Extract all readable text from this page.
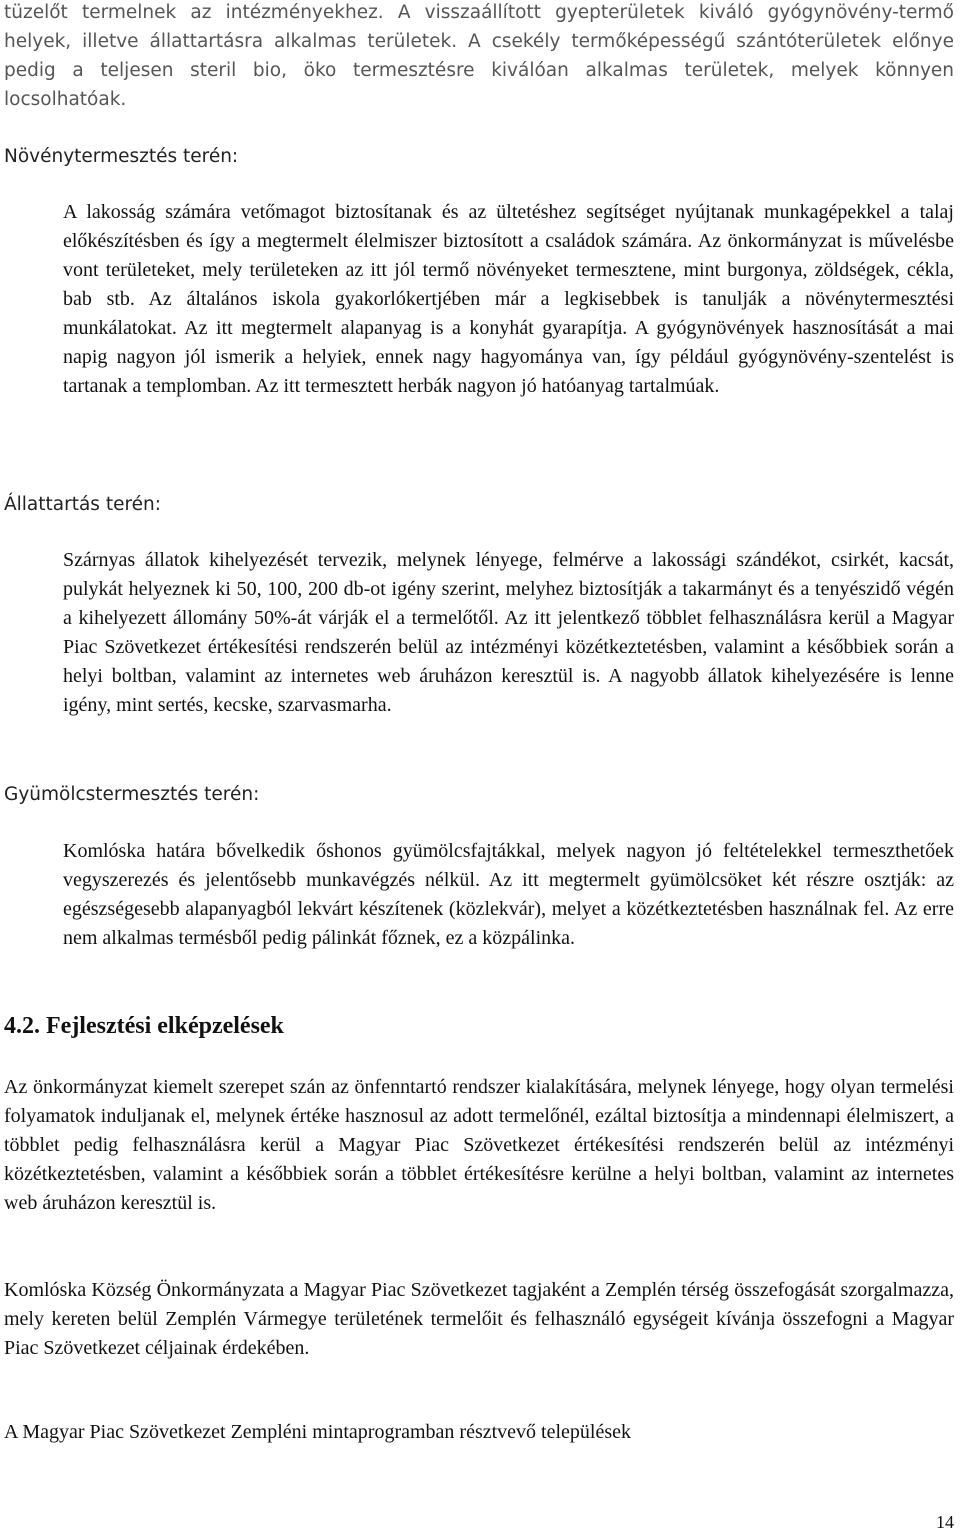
tüzelőt termelnek az intézményekhez. A visszaállított gyepterületek kiváló gyógynövény-termő helyek, illetve állattartásra alkalmas területek. A csekély termőképességű szántóterületek előnye pedig a teljesen steril bio, öko termesztésre kiválóan alkalmas területek, melyek könnyen locsolhatóak.

Növénytermesztés terén:

A lakosság számára vetőmagot biztosítanak és az ültetéshez segítséget nyújtanak munkagépekkel a talaj előkészítésben és így a megtermelt élelmiszer biztosított a családok számára. Az önkormányzat is művelésbe vont területeket, mely területeken az itt jól termő növényeket termesztene, mint burgonya, zöldségek, cékla, bab stb. Az általános iskola gyakorlókertjében már a legkisebbek is tanulják a növénytermesztési munkálatokat. Az itt megtermelt alapanyag is a konyhát gyarapítja. A gyógynövények hasznosítását a mai napig nagyon jól ismerik a helyiek, ennek nagy hagyománya van, így például gyógynövény-szentelést is tartanak a templomban. Az itt termesztett herbák nagyon jó hatóanyag tartalmúak.

Állattartás terén:

Szárnyas állatok kihelyezését tervezik, melynek lényege, felmérve a lakossági szándékot, csirkét, kacsát, pulykát helyeznek ki 50, 100, 200 db-ot igény szerint, melyhez biztosítják a takarmányt és a tenyészidő végén a kihelyezett állomány 50%-át várják el a termelőtől. Az itt jelentkező többlet felhasználásra kerül a Magyar Piac Szövetkezet értékesítési rendszerén belül az intézményi közétkeztetésben, valamint a későbbiek során a helyi boltban, valamint az internetes web áruházon keresztül is. A nagyobb állatok kihelyezésére is lenne igény, mint sertés, kecske, szarvasmarha.

Gyümölcstermesztés terén:

Komlóska határa bővelkedik őshonos gyümölcsfajtákkal, melyek nagyon jó feltételekkel termeszthetőek vegyszerezés és jelentősebb munkavégzés nélkül. Az itt megtermelt gyümölcsöket két részre osztják: az egészségesebb alapanyagból lekvárt készítenek (közlekvár), melyet a közétkeztetésben használnak fel. Az erre nem alkalmas termésből pedig pálinkát főznek, ez a közpálinka.

4.2. Fejlesztési elképzelések

Az önkormányzat kiemelt szerepet szán az önfenntartó rendszer kialakítására, melynek lényege, hogy olyan termelési folyamatok induljanak el, melynek értéke hasznosul az adott termelőnél, ezáltal biztosítja a mindennapi élelmiszert, a többlet pedig felhasználásra kerül a Magyar Piac Szövetkezet értékesítési rendszerén belül az intézményi közétkeztetésben, valamint a későbbiek során a többlet értékesítésre kerülne a helyi boltban, valamint az internetes web áruházon keresztül is.

Komlóska Község Önkormányzata a Magyar Piac Szövetkezet tagjaként a Zemplén térség összefogását szorgalmazza, mely kereten belül Zemplén Vármegye területének termelőit és felhasználó egységeit kívánja összefogni a Magyar Piac Szövetkezet céljainak érdekében.

A Magyar Piac Szövetkezet Zempléni mintaprogramban résztvevő települések

14
